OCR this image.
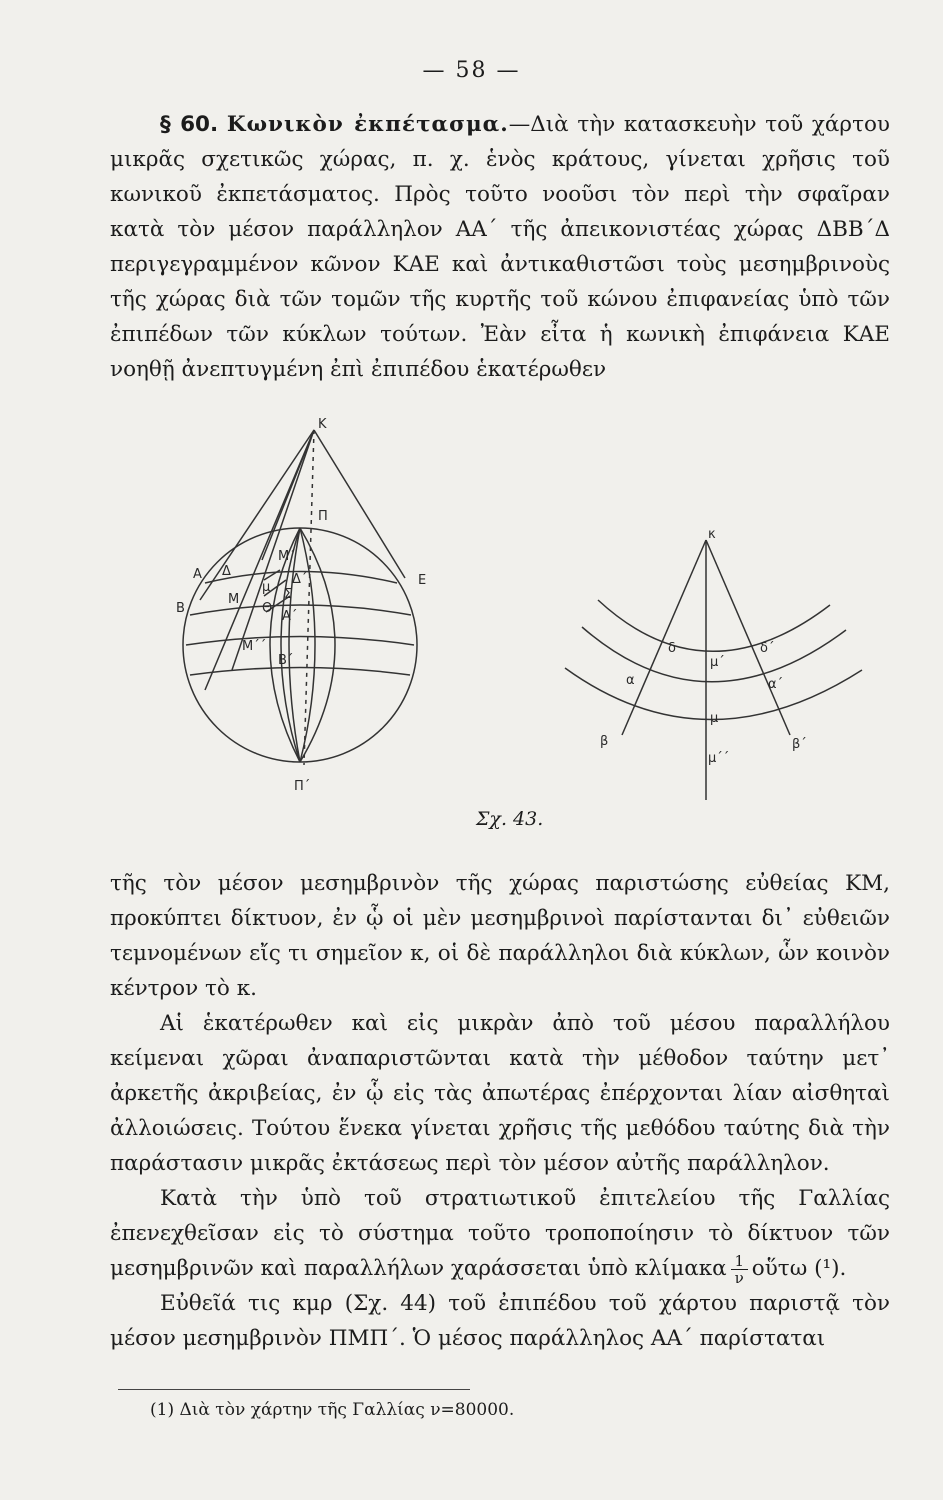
— 58 —

§ 60. Κωνικὸν ἐκπέτασμα.—Διὰ τὴν κατασκευὴν τοῦ χάρτου μικρᾶς σχετικῶς χώρας, π. χ. ἑνὸς κράτους, γίνεται χρῆσις τοῦ κωνικοῦ ἐκπετάσματος. Πρὸς τοῦτο νοοῦσι τὸν περὶ τὴν σφαῖραν κατὰ τὸν μέσον παράλληλον ΑΑ΄ τῆς ἀπεικονιστέας χώρας ΔΒΒ΄Δ περιγεγραμμένον κῶνον ΚΑΕ καὶ ἀντικαθιστῶσι τοὺς μεσημβρινοὺς τῆς χώρας διὰ τῶν τομῶν τῆς κυρτῆς τοῦ κώνου ἐπιφανείας ὑπὸ τῶν ἐπιπέδων τῶν κύκλων τούτων. Ἐὰν εἶτα ἡ κωνικὴ ἐπιφάνεια ΚΑΕ νοηθῇ ἀνεπτυγμένη ἐπὶ ἐπιπέδου ἑκατέρωθεν

Κ
Π
Α	Ε
Β
Δ
Μ΄
Δ΄
μ Σ
Μ
Θ
Α΄
Μ΄΄
Β΄
Π΄
κ
δ	δ΄
μ΄
α	α΄
μ
β	β΄
μ΄΄
Σχ. 43.

τῆς τὸν μέσον μεσημβρινὸν τῆς χώρας παριστώσης εὐθείας ΚΜ, προκύπτει δίκτυον, ἐν ᾧ οἱ μὲν μεσημβρινοὶ παρίστανται δι᾽ εὐθειῶν τεμνομένων εἴς τι σημεῖον κ, οἱ δὲ παράλληλοι διὰ κύκλων, ὧν κοινὸν κέντρον τὸ κ.

Αἱ ἑκατέρωθεν καὶ εἰς μικρὰν ἀπὸ τοῦ μέσου παραλλήλου κείμεναι χῶραι ἀναπαριστῶνται κατὰ τὴν μέθοδον ταύτην μετ᾽ ἀρκετῆς ἀκριβείας, ἐν ᾧ εἰς τὰς ἀπωτέρας ἐπέρχονται λίαν αἰσθηταὶ ἀλλοιώσεις. Τούτου ἕνεκα γίνεται χρῆσις τῆς μεθόδου ταύτης διὰ τὴν παράστασιν μικρᾶς ἐκτάσεως περὶ τὸν μέσον αὐτῆς παράλληλον.

Κατὰ τὴν ὑπὸ τοῦ στρατιωτικοῦ ἐπιτελείου τῆς Γαλλίας ἐπενεχθεῖσαν εἰς τὸ σύστημα τοῦτο τροποποίησιν τὸ δίκτυον τῶν μεσημβρινῶν καὶ παραλλήλων χαράσσεται ὑπὸ κλίμακα $\frac{1}{\nu}$ οὕτω (¹).

Εὐθεῖά τις κμρ (Σχ. 44) τοῦ ἐπιπέδου τοῦ χάρτου παριστᾷ τὸν μέσον μεσημβρινὸν ΠΜΠ΄. Ὁ μέσος παράλληλος ΑΑ΄ παρίσταται

(1) Διὰ τὸν χάρτην τῆς Γαλλίας ν=80000.
